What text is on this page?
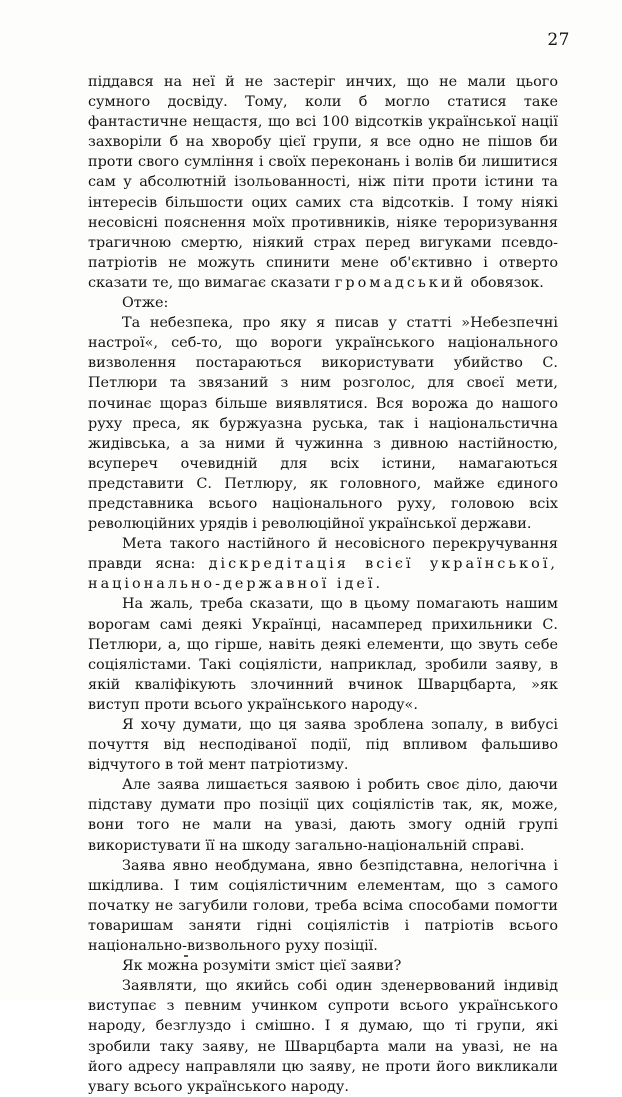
27

піддався на неї й не застеріг инчих, що не мали цього сумного досвіду. Тому, коли б могло статися таке фантастичне нещастя, що всі 100 відсотків української нації захворіли б на хворобу цієї групи, я все одно не пішов би проти свого сумління і своїх переконань і волів би лишитися сам у абсолютній ізольованності, ніж піти проти істини та інтересів більшости оцих самих ста відсотків. І тому ніякі несовісні пояснення моїх противників, ніяке тероризування трагичною смертю, ніякий страх перед вигуками псевдо-патріотів не можуть спинити мене об'єктивно і отверто сказати те, що вимагає сказати громадський обовязок.

Отже:

Та небезпека, про яку я писав у статті »Небезпечні настрої«, себ-то, що вороги українського національного визволення постараються використувати убийство С. Петлюри та звязаний з ним розголос, для своєї мети, починає щораз більше виявлятися. Вся ворожа до нашого руху преса, як буржуазна руська, так і національстична жидівська, а за ними й чужинна з дивною настійностю, всупереч очевидній для всіх істини, намагаються представити С. Петлюру, як головного, майже єдиного представника всього національного руху, головою всіх революційних урядів і революційної української держави.

Мета такого настійного й несовісного перекручування правди ясна: діскредітація всієї української, національно-державної ідеї.

На жаль, треба сказати, що в цьому помагають нашим ворогам самі деякі Українці, насамперед прихильники С. Петлюри, а, що гірше, навіть деякі елементи, що звуть себе соціялістами. Такі соціялісти, наприклад, зробили заяву, в якій кваліфікують злочинний вчинок Шварцбарта, »як виступ проти всього українського народу«.

Я хочу думати, що ця заява зроблена зопалу, в вибусі почуття від несподіваної події, під впливом фальшиво відчутого в той мент патріотизму.

Але заява лишається заявою і робить своє діло, даючи підставу думати про позіції цих соціялістів так, як, може, вони того не мали на увазі, дають змогу одній групі використувати її на шкоду загально-національній справі.

Заява явно необдумана, явно безпідставна, нелогічна і шкідлива. І тим соціялістичним елементам, що з самого початку не загубили голови, треба всіма способами помогти товаришам заняти гідні соціялістів і патріотів всього національно-визвольного руху позіції.

Як можна розуміти зміст цієї заяви?

Заявляти, що якийсь собі один зденервований індивід виступає з певним учинком супроти всього українського народу, безглуздо і смішно. І я думаю, що ті групи, які зробили таку заяву, не Шварцбарта мали на увазі, не на його адресу направляли цю заяву, не проти його викликали увагу всього українського народу.
